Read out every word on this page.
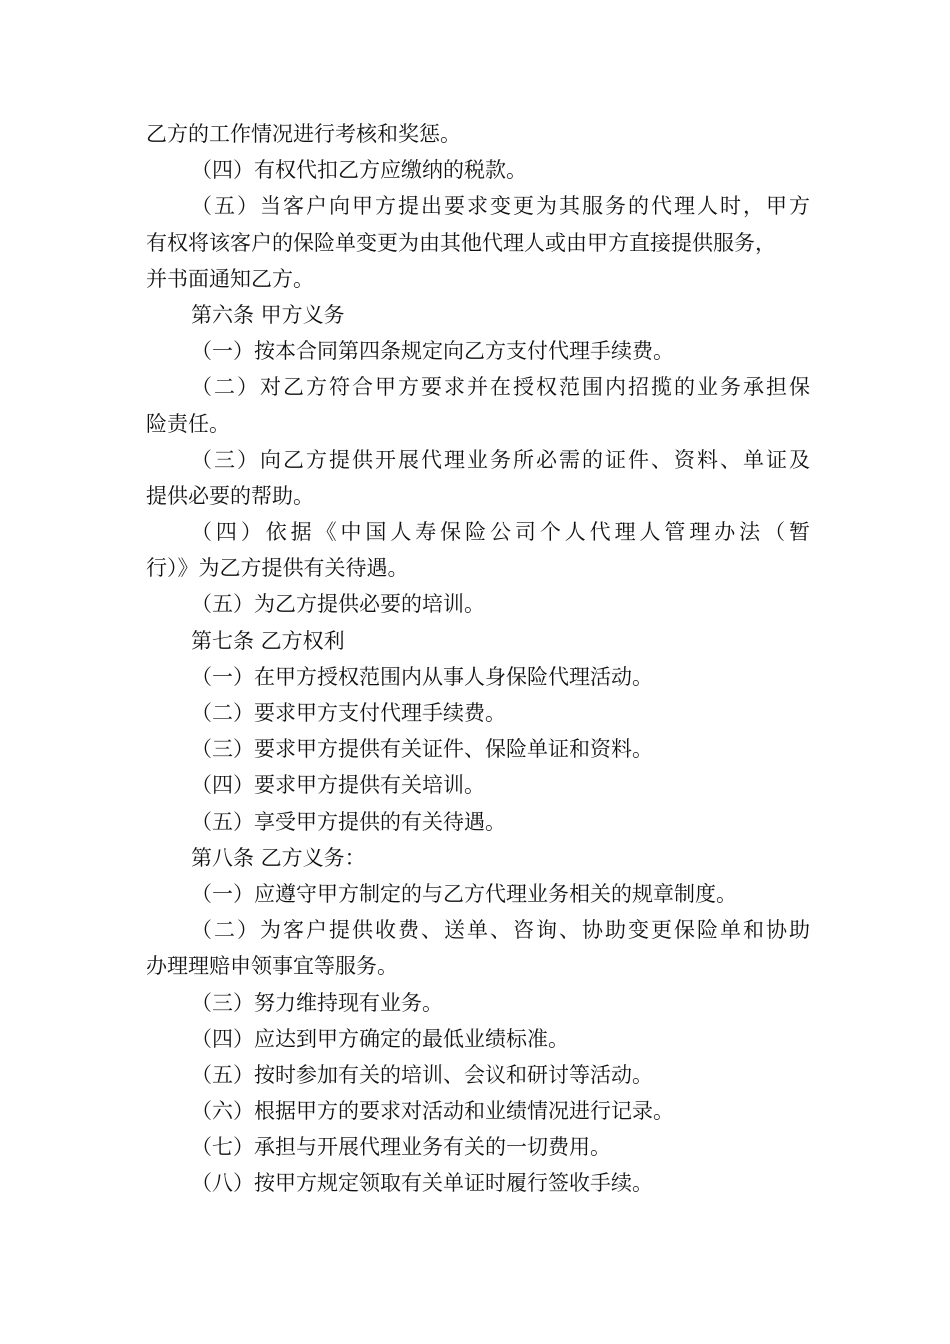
乙方的工作情况进行考核和奖惩。
（四）有权代扣乙方应缴纳的税款。
（五）当客户向甲方提出要求变更为其服务的代理人时，甲方
有权将该客户的保险单变更为由其他代理人或由甲方直接提供服务，
并书面通知乙方。
第六条 甲方义务
（一）按本合同第四条规定向乙方支付代理手续费。
（二）对乙方符合甲方要求并在授权范围内招揽的业务承担保
险责任。
（三）向乙方提供开展代理业务所必需的证件、资料、单证及
提供必要的帮助。
（四）依据《中国人寿保险公司个人代理人管理办法（暂
行）》为乙方提供有关待遇。
（五）为乙方提供必要的培训。
第七条 乙方权利
（一）在甲方授权范围内从事人身保险代理活动。
（二）要求甲方支付代理手续费。
（三）要求甲方提供有关证件、保险单证和资料。
（四）要求甲方提供有关培训。
（五）享受甲方提供的有关待遇。
第八条 乙方义务：
（一）应遵守甲方制定的与乙方代理业务相关的规章制度。
（二）为客户提供收费、送单、咨询、协助变更保险单和协助
办理理赔申领事宜等服务。
（三）努力维持现有业务。
（四）应达到甲方确定的最低业绩标准。
（五）按时参加有关的培训、会议和研讨等活动。
（六）根据甲方的要求对活动和业绩情况进行记录。
（七）承担与开展代理业务有关的一切费用。
（八）按甲方规定领取有关单证时履行签收手续。
